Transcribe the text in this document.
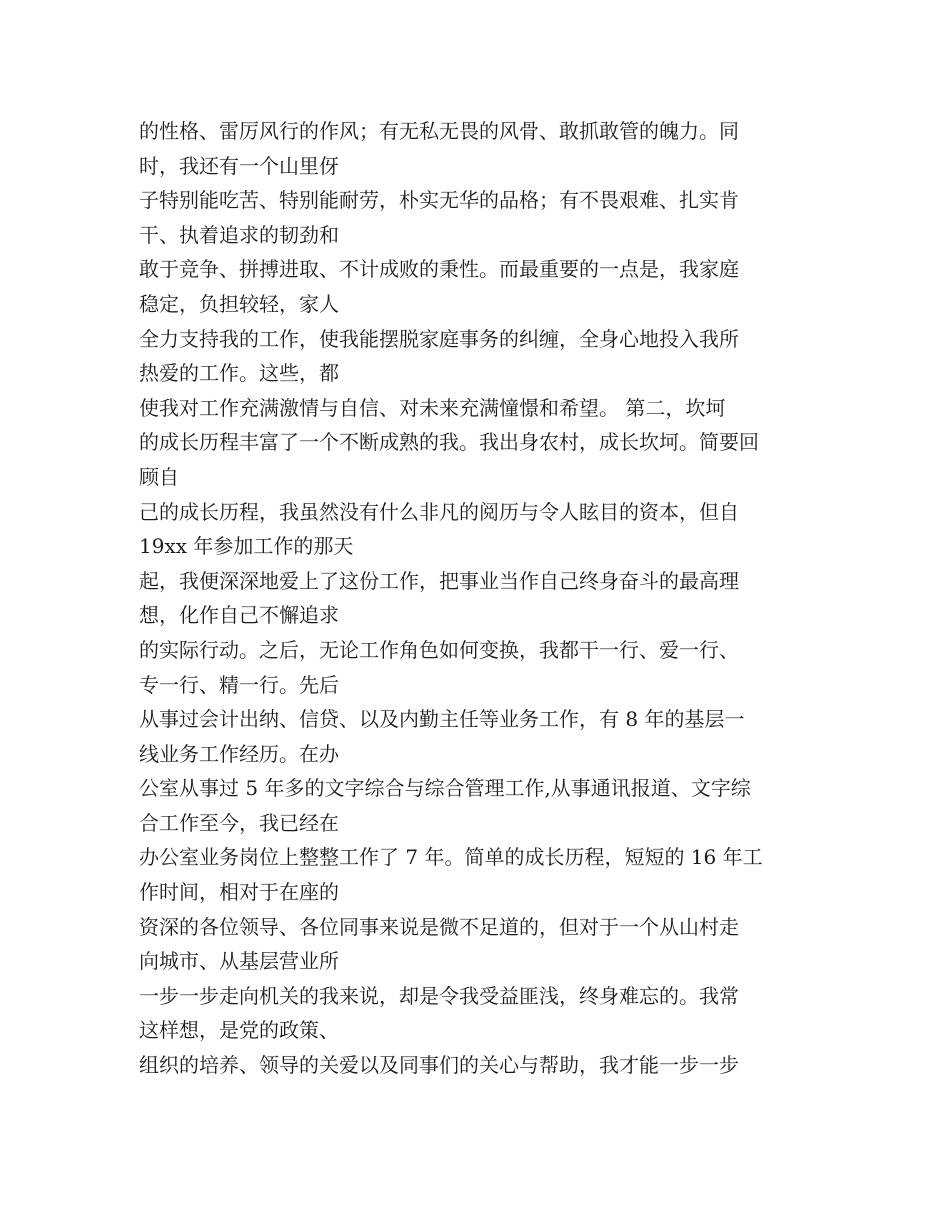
的性格、雷厉风行的作风；有无私无畏的风骨、敢抓敢管的魄力。同

时，我还有一个山里伢

子特别能吃苦、特别能耐劳，朴实无华的品格；有不畏艰难、扎实肯

干、执着追求的韧劲和

敢于竞争、拼搏进取、不计成败的秉性。而最重要的一点是，我家庭

稳定，负担较轻，家人

全力支持我的工作，使我能摆脱家庭事务的纠缠，全身心地投入我所

热爱的工作。这些，都

使我对工作充满激情与自信、对未来充满憧憬和希望。 第二，坎坷

的成长历程丰富了一个不断成熟的我。我出身农村，成长坎坷。简要回

顾自

己的成长历程，我虽然没有什么非凡的阅历与令人眩目的资本，但自

19xx 年参加工作的那天

起，我便深深地爱上了这份工作，把事业当作自己终身奋斗的最高理

想，化作自己不懈追求

的实际行动。之后，无论工作角色如何变换，我都干一行、爱一行、

专一行、精一行。先后

从事过会计出纳、信贷、以及内勤主任等业务工作，有 8 年的基层一

线业务工作经历。在办

公室从事过 5 年多的文字综合与综合管理工作,从事通讯报道、文字综

合工作至今，我已经在

办公室业务岗位上整整工作了 7 年。简单的成长历程，短短的 16 年工

作时间，相对于在座的

资深的各位领导、各位同事来说是微不足道的，但对于一个从山村走

向城市、从基层营业所

一步一步走向机关的我来说，却是令我受益匪浅，终身难忘的。我常

这样想，是党的政策、

组织的培养、领导的关爱以及同事们的关心与帮助，我才能一步一步
